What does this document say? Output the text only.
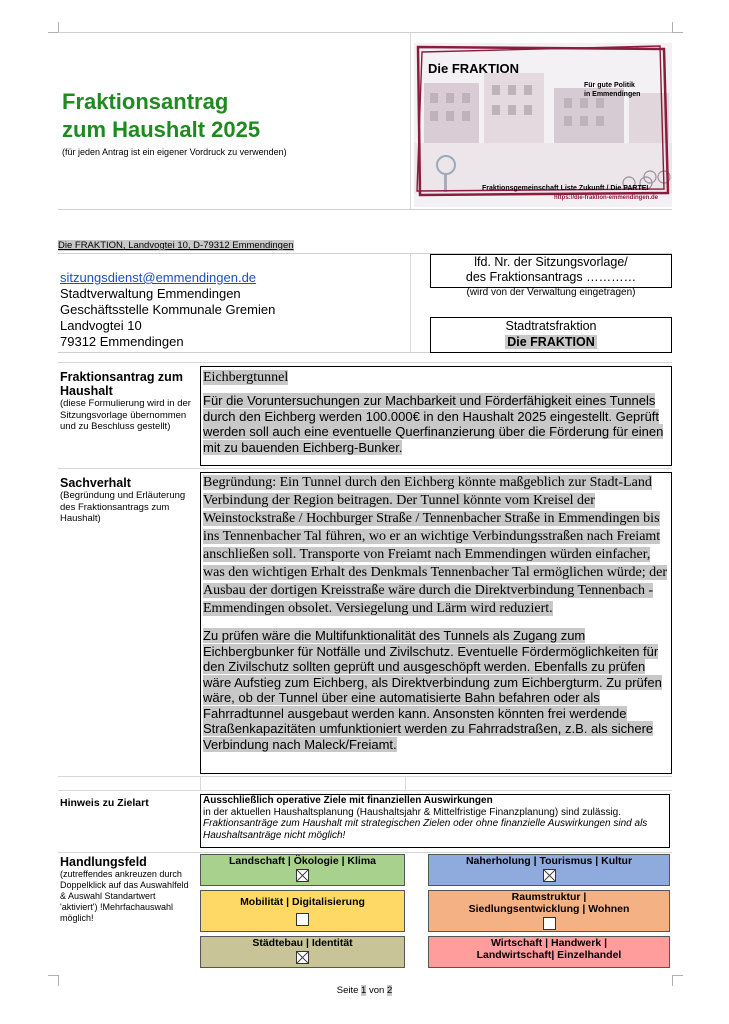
Fraktionsantrag
zum Haushalt 2025
(für jeden Antrag ist ein eigener Vordruck zu verwenden)
Die FRAKTION
Für gute Politik
in Emmendingen
Fraktionsgemeinschaft Liste Zukunft / Die PARTEI
https://die-fraktion-emmendingen.de
Die FRAKTION, Landvogtei 10, D-79312 Emmendingen
sitzungsdienst@emmendingen.de
Stadtverwaltung Emmendingen
Geschäftsstelle Kommunale Gremien
Landvogtei 10
79312 Emmendingen
lfd. Nr. der Sitzungsvorlage/
des Fraktionsantrags …………
(wird von der Verwaltung eingetragen)
Stadtratsfraktion
Die FRAKTION
Fraktionsantrag zum Haushalt
(diese Formulierung wird in der Sitzungsvorlage übernommen und zu Beschluss gestellt)
Eichbergtunnel
Für die Voruntersuchungen zur Machbarkeit und Förderfähigkeit eines Tunnels durch den Eichberg werden 100.000€ in den Haushalt 2025 eingestellt. Geprüft werden soll auch eine eventuelle Querfinanzierung über die Förderung für einen mit zu bauenden Eichberg-Bunker.
Sachverhalt
(Begründung und Erläuterung des Fraktionsantrags zum Haushalt)
Begründung: Ein Tunnel durch den Eichberg könnte maßgeblich zur Stadt-Land Verbindung der Region beitragen. Der Tunnel könnte vom Kreisel der Weinstockstraße / Hochburger Straße / Tennenbacher Straße in Emmendingen bis ins Tennenbacher Tal führen, wo er an wichtige Verbindungsstraßen nach Freiamt anschließen soll. Transporte von Freiamt nach Emmendingen würden einfacher, was den wichtigen Erhalt des Denkmals Tennenbacher Tal ermöglichen würde; der Ausbau der dortigen Kreisstraße wäre durch die Direktverbindung Tennenbach - Emmendingen obsolet. Versiegelung und Lärm wird reduziert.
Zu prüfen wäre die Multifunktionalität des Tunnels als Zugang zum Eichbergbunker für Notfälle und Zivilschutz. Eventuelle Fördermöglichkeiten für den Zivilschutz sollten geprüft und ausgeschöpft werden. Ebenfalls zu prüfen wäre Aufstieg zum Eichberg, als Direktverbindung zum Eichbergturm. Zu prüfen wäre, ob der Tunnel über eine automatisierte Bahn befahren oder als Fahrradtunnel ausgebaut werden kann. Ansonsten könnten frei werdende Straßenkapazitäten umfunktioniert werden zu Fahrradstraßen, z.B. als sichere Verbindung nach Maleck/Freiamt.
Hinweis zu Zielart	Ausschließlich operative Ziele mit finanziellen Auswirkungen
in der aktuellen Haushaltsplanung (Haushaltsjahr & Mittelfristige Finanzplanung) sind zulässig.
Fraktionsanträge zum Haushalt mit strategischen Zielen oder ohne finanzielle Auswirkungen sind als Haushaltsanträge nicht möglich!
Handlungsfeld
(zutreffendes ankreuzen durch Doppelklick auf das Auswahlfeld & Auswahl Standartwert 'aktiviert') !Mehrfachauswahl möglich!
Landschaft | Ökologie | Klima	Naherholung | Tourismus | Kultur
Mobilität | Digitalisierung	Raumstruktur |
Siedlungsentwicklung | Wohnen
Städtebau | Identität	Wirtschaft | Handwerk |
Landwirtschaft| Einzelhandel
Seite 1 von 2
